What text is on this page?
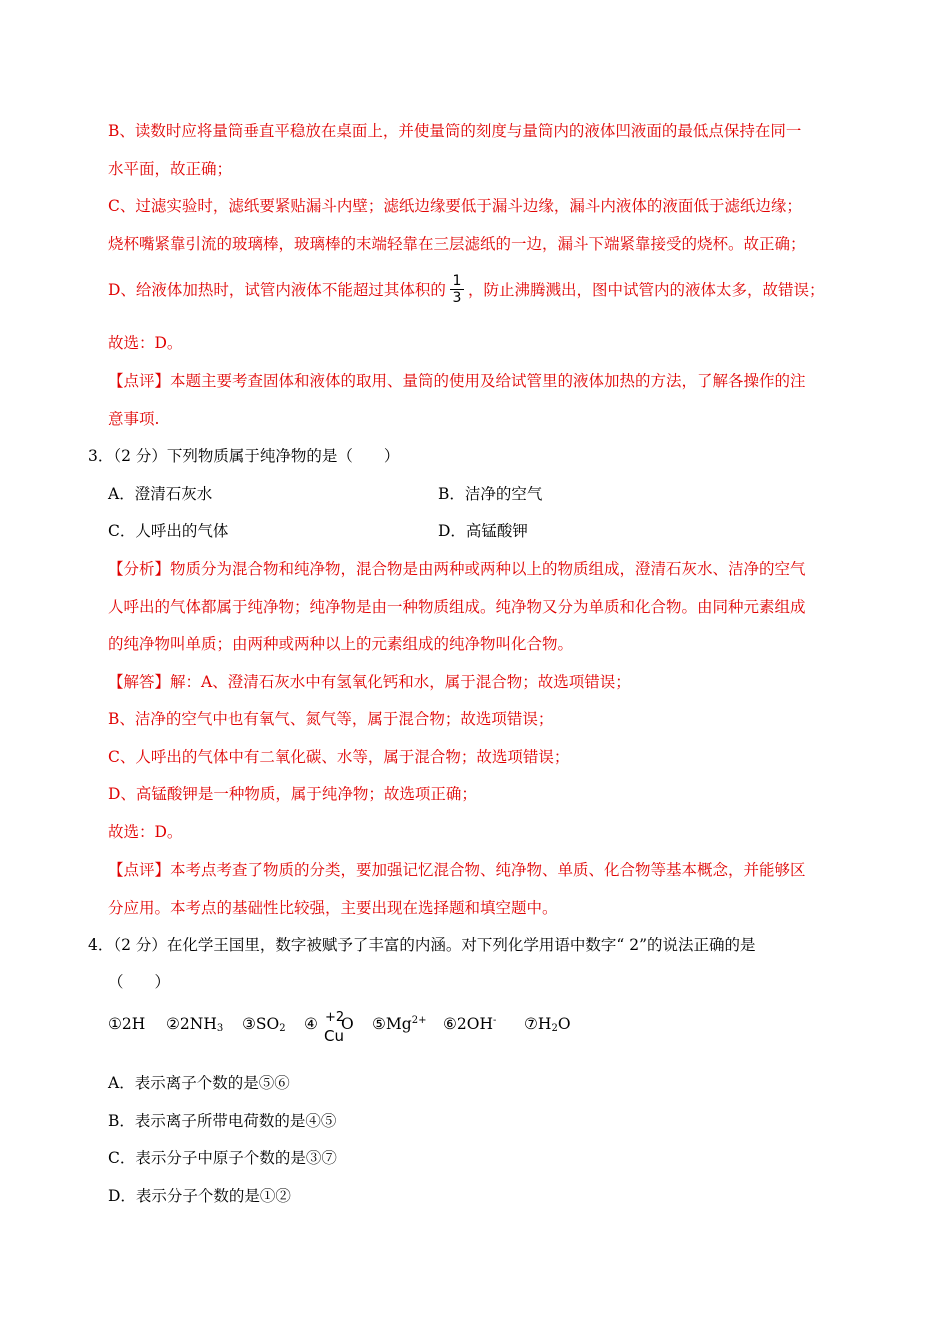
B、读数时应将量筒垂直平稳放在桌面上，并使量筒的刻度与量筒内的液体凹液面的最低点保持在同一
水平面，故正确；
C、过滤实验时，滤纸要紧贴漏斗内壁；滤纸边缘要低于漏斗边缘，漏斗内液体的液面低于滤纸边缘；
烧杯嘴紧靠引流的玻璃棒，玻璃棒的末端轻靠在三层滤纸的一边，漏斗下端紧靠接受的烧杯。故正确；
D、给液体加热时，试管内液体不能超过其体积的 $\frac{1}{3}$ ，防止沸腾溅出，图中试管内的液体太多，故错误；
故选：D。
【点评】本题主要考查固体和液体的取用、量筒的使用及给试管里的液体加热的方法，了解各操作的注
意事项.
3．（2 分）下列物质属于纯净物的是（　　）
A．澄清石灰水	B．洁净的空气
C．人呼出的气体	D．高锰酸钾
【分析】物质分为混合物和纯净物，混合物是由两种或两种以上的物质组成，澄清石灰水、洁净的空气
人呼出的气体都属于纯净物；纯净物是由一种物质组成。纯净物又分为单质和化合物。由同种元素组成
的纯净物叫单质；由两种或两种以上的元素组成的纯净物叫化合物。
【解答】解：A、澄清石灰水中有氢氧化钙和水，属于混合物；故选项错误；
B、洁净的空气中也有氧气、氮气等，属于混合物；故选项错误；
C、人呼出的气体中有二氧化碳、水等，属于混合物；故选项错误；
D、高锰酸钾是一种物质，属于纯净物；故选项正确；
故选：D。
【点评】本考点考查了物质的分类，要加强记忆混合物、纯净物、单质、化合物等基本概念，并能够区
分应用。本考点的基础性比较强，主要出现在选择题和填空题中。
4．（2 分）在化学王国里，数字被赋予了丰富的内涵。对下列化学用语中数字“ 2”的说法正确的是
（　　）
①2H $②2NH_3$ $③SO_2$ ④ +2
O
Cu
$⑤Mg^{2+}$ ⑥2OH- $⑦H_2O$
A．表示离子个数的是⑤⑥
B．表示离子所带电荷数的是④⑤
C．表示分子中原子个数的是③⑦
D．表示分子个数的是①②
